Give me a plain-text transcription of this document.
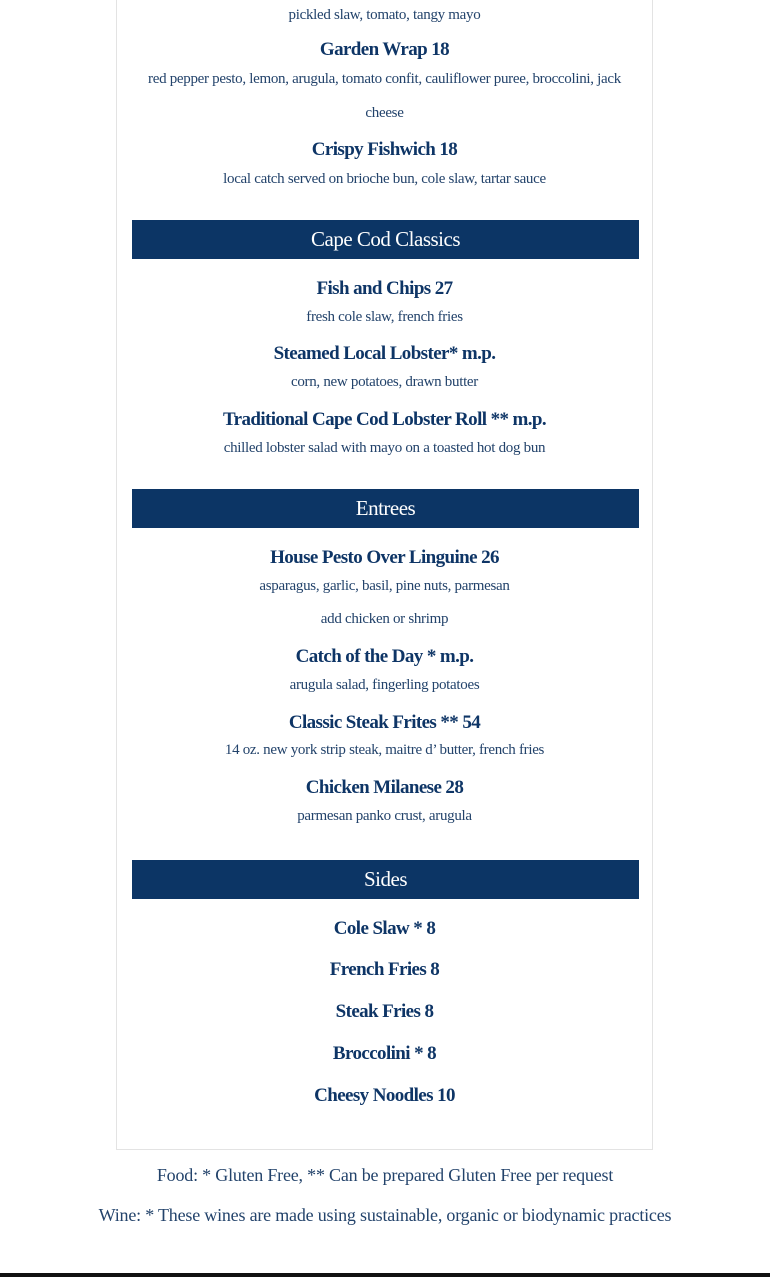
pickled slaw, tomato, tangy mayo
Garden Wrap 18
red pepper pesto, lemon, arugula, tomato confit, cauliflower puree, broccolini, jack cheese
Crispy Fishwich 18
local catch served on brioche bun, cole slaw, tartar sauce
Cape Cod Classics
Fish and Chips 27
fresh cole slaw, french fries
Steamed Local Lobster* m.p.
corn, new potatoes, drawn butter
Traditional Cape Cod Lobster Roll ** m.p.
chilled lobster salad with mayo on a toasted hot dog bun
Entrees
House Pesto Over Linguine 26
asparagus, garlic, basil, pine nuts, parmesan
add chicken or shrimp
Catch of the Day * m.p.
arugula salad, fingerling potatoes
Classic Steak Frites ** 54
14 oz. new york strip steak, maitre d’ butter, french fries
Chicken Milanese 28
parmesan panko crust, arugula
Sides
Cole Slaw * 8
French Fries 8
Steak Fries 8
Broccolini * 8
Cheesy Noodles 10
Food: * Gluten Free, ** Can be prepared Gluten Free per request
Wine: * These wines are made using sustainable, organic or biodynamic practices
